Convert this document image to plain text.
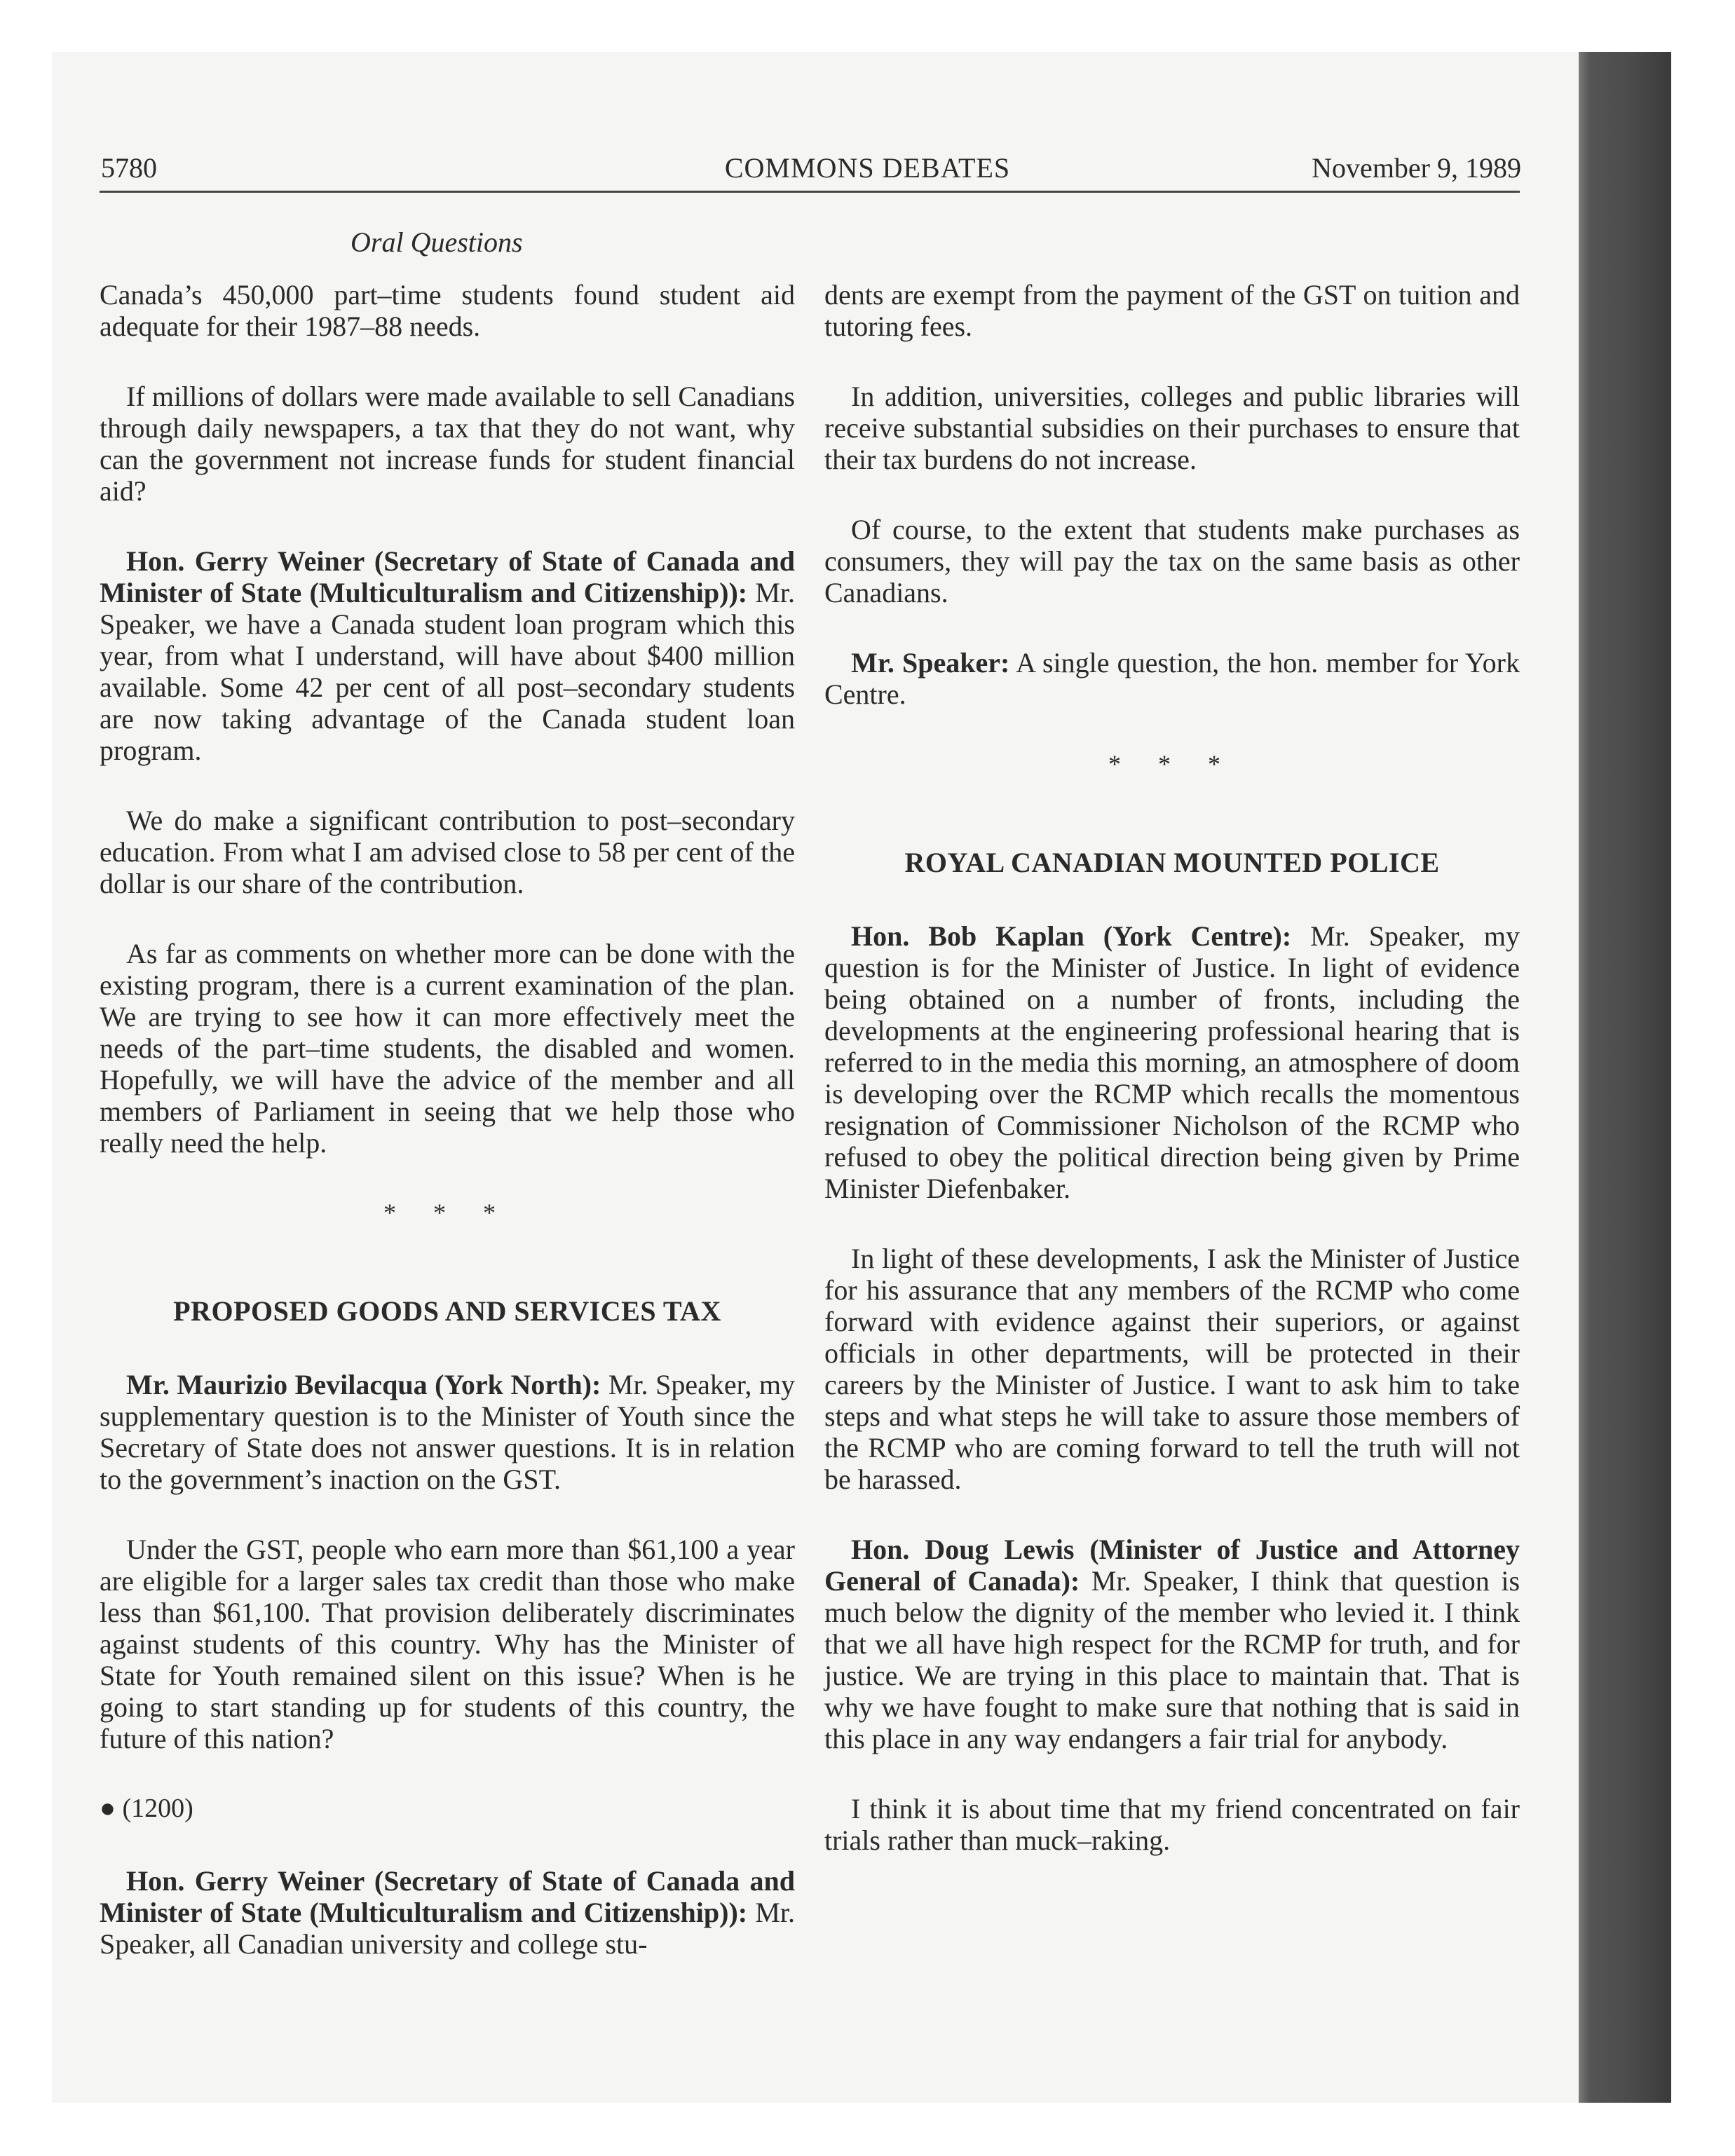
5780	COMMONS DEBATES	November 9, 1989
Oral Questions

Canada’s 450,000 part–time students found student aid adequate for their 1987–88 needs.

If millions of dollars were made available to sell Canadians through daily newspapers, a tax that they do not want, why can the government not increase funds for student financial aid?

Hon. Gerry Weiner (Secretary of State of Canada and Minister of State (Multiculturalism and Citizenship)): Mr. Speaker, we have a Canada student loan program which this year, from what I understand, will have about $400 million available. Some 42 per cent of all post–secondary students are now taking advantage of the Canada student loan program.

We do make a significant contribution to post–secondary education. From what I am advised close to 58 per cent of the dollar is our share of the contribution.

As far as comments on whether more can be done with the existing program, there is a current examination of the plan. We are trying to see how it can more effectively meet the needs of the part–time students, the disabled and women. Hopefully, we will have the advice of the member and all members of Parliament in seeing that we help those who really need the help.

* * *
PROPOSED GOODS AND SERVICES TAX

Mr. Maurizio Bevilacqua (York North): Mr. Speaker, my supplementary question is to the Minister of Youth since the Secretary of State does not answer questions. It is in relation to the government’s inaction on the GST.

Under the GST, people who earn more than $61,100 a year are eligible for a larger sales tax credit than those who make less than $61,100. That provision deliberately discriminates against students of this country. Why has the Minister of State for Youth remained silent on this issue? When is he going to start standing up for students of this country, the future of this nation?

● (1200)

Hon. Gerry Weiner (Secretary of State of Canada and Minister of State (Multiculturalism and Citizenship)): Mr. Speaker, all Canadian university and college stu-

dents are exempt from the payment of the GST on tuition and tutoring fees.

In addition, universities, colleges and public libraries will receive substantial subsidies on their purchases to ensure that their tax burdens do not increase.

Of course, to the extent that students make purchases as consumers, they will pay the tax on the same basis as other Canadians.

Mr. Speaker: A single question, the hon. member for York Centre.

* * *
ROYAL CANADIAN MOUNTED POLICE

Hon. Bob Kaplan (York Centre): Mr. Speaker, my question is for the Minister of Justice. In light of evidence being obtained on a number of fronts, including the developments at the engineering professional hearing that is referred to in the media this morning, an atmosphere of doom is developing over the RCMP which recalls the momentous resignation of Commissioner Nicholson of the RCMP who refused to obey the political direction being given by Prime Minister Diefenbaker.

In light of these developments, I ask the Minister of Justice for his assurance that any members of the RCMP who come forward with evidence against their superiors, or against officials in other departments, will be protected in their careers by the Minister of Justice. I want to ask him to take steps and what steps he will take to assure those members of the RCMP who are coming forward to tell the truth will not be harassed.

Hon. Doug Lewis (Minister of Justice and Attorney General of Canada): Mr. Speaker, I think that question is much below the dignity of the member who levied it. I think that we all have high respect for the RCMP for truth, and for justice. We are trying in this place to maintain that. That is why we have fought to make sure that nothing that is said in this place in any way endangers a fair trial for anybody.

I think it is about time that my friend concentrated on fair trials rather than muck–raking.
